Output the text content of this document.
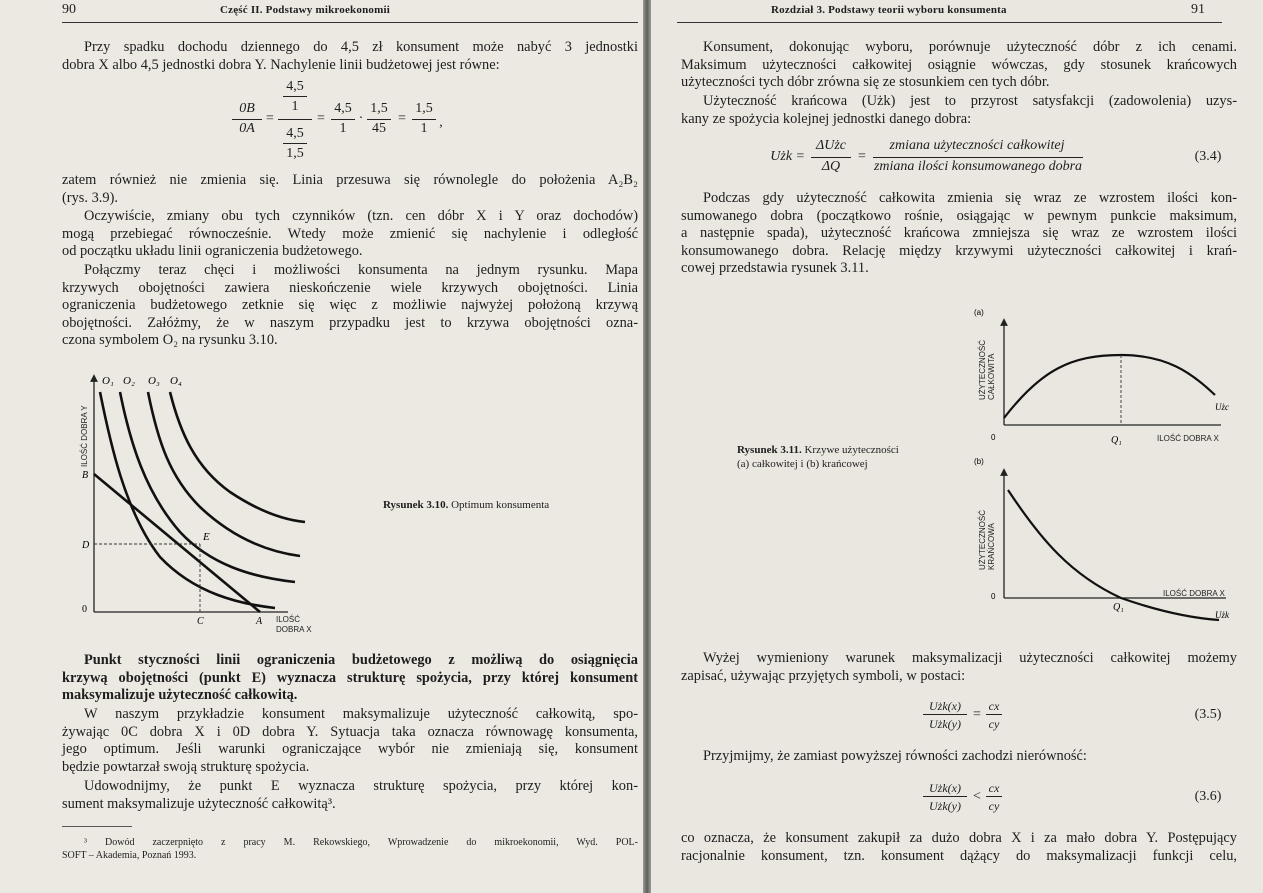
90	Część II. Podstawy mikroekonomii
Przy spadku dochodu dziennego do 4,5 zł konsument może nabyć 3 jednostki
dobra X albo 4,5 jednostki dobra Y. Nachylenie linii budżetowej jest równe:
0B
0A
=
4,5
1
4,5
1,5
=
4,5
1
·
1,5
45
=
1,5
1 ,
zatem również nie zmienia się. Linia przesuwa się równolegle do położenia A₂B₂
(rys. 3.9).
Oczywiście, zmiany obu tych czynników (tzn. cen dóbr X i Y oraz dochodów)
mogą przebiegać równocześnie. Wtedy może zmienić się nachylenie i odległość
od początku układu linii ograniczenia budżetowego.
Połączmy teraz chęci i możliwości konsumenta na jednym rysunku. Mapa
krzywych obojętności zawiera nieskończenie wiele krzywych obojętności. Linia
ograniczenia budżetowego zetknie się więc z możliwie najwyżej położoną krzywą
obojętności. Załóżmy, że w naszym przypadku jest to krzywa obojętności ozna-
czona symbolem O₂ na rysunku 3.10.
ILOŚĆ DOBRA Y
O₁ O₂ O₃ O₄
B
D
0
C	A
E
ILOŚĆ
DOBRA X
Rysunek 3.10. Optimum konsumenta
Punkt styczności linii ograniczenia budżetowego z możliwą do osiągnięcia
krzywą obojętności (punkt E) wyznacza strukturę spożycia, przy której konsument
maksymalizuje użyteczność całkowitą.
W naszym przykładzie konsument maksymalizuje użyteczność całkowitą, spo-
żywając 0C dobra X i 0D dobra Y. Sytuacja taka oznacza równowagę konsumenta,
jego optimum. Jeśli warunki ograniczające wybór nie zmieniają się, konsument
będzie powtarzał swoją strukturę spożycia.
Udowodnijmy, że punkt E wyznacza strukturę spożycia, przy której kon-
sument maksymalizuje użyteczność całkowitą³.
³ Dowód zaczerpnięto z pracy M. Rekowskiego, Wprowadzenie do mikroekonomii, Wyd. POL-
SOFT – Akademia, Poznań 1993.
Rozdział 3. Podstawy teorii wyboru konsumenta	91
Konsument, dokonując wyboru, porównuje użyteczność dóbr z ich cenami.
Maksimum użyteczności całkowitej osiągnie wówczas, gdy stosunek krańcowych
użyteczności tych dóbr zrówna się ze stosunkiem cen tych dóbr.
Użyteczność krańcowa (Użk) jest to przyrost satysfakcji (zadowolenia) uzys-
kany ze spożycia kolejnej jednostki danego dobra:
Użk =
ΔUżc
ΔQ
=
zmiana użyteczności całkowitej
zmiana ilości konsumowanego dobra
(3.4)
Podczas gdy użyteczność całkowita zmienia się wraz ze wzrostem ilości kon-
sumowanego dobra (początkowo rośnie, osiągając w pewnym punkcie maksimum,
a następnie spada), użyteczność krańcowa zmniejsza się wraz ze wzrostem ilości
konsumowanego dobra. Relację między krzywymi użyteczności całkowitej i krań-
cowej przedstawia rysunek 3.11.
(a)
UŻYTECZNOŚĆ CAŁKOWITA
0	Q₁	ILOŚĆ DOBRA X
Użc
(b)
UŻYTECZNOŚĆ KRAŃCOWA
0
Q₁
ILOŚĆ DOBRA X
Użk
Rysunek 3.11. Krzywe użyteczności
(a) całkowitej i (b) krańcowej
Wyżej wymieniony warunek maksymalizacji użyteczności całkowitej możemy
zapisać, używając przyjętych symboli, w postaci:
Użk(x)
Użk(y)
=
cx
cy
(3.5)
Przyjmijmy, że zamiast powyższej równości zachodzi nierówność:
Użk(x)
Użk(y)
<
cx
cy
(3.6)
co oznacza, że konsument zakupił za dużo dobra X i za mało dobra Y. Postępujący
racjonalnie konsument, tzn. konsument dążący do maksymalizacji funkcji celu,
